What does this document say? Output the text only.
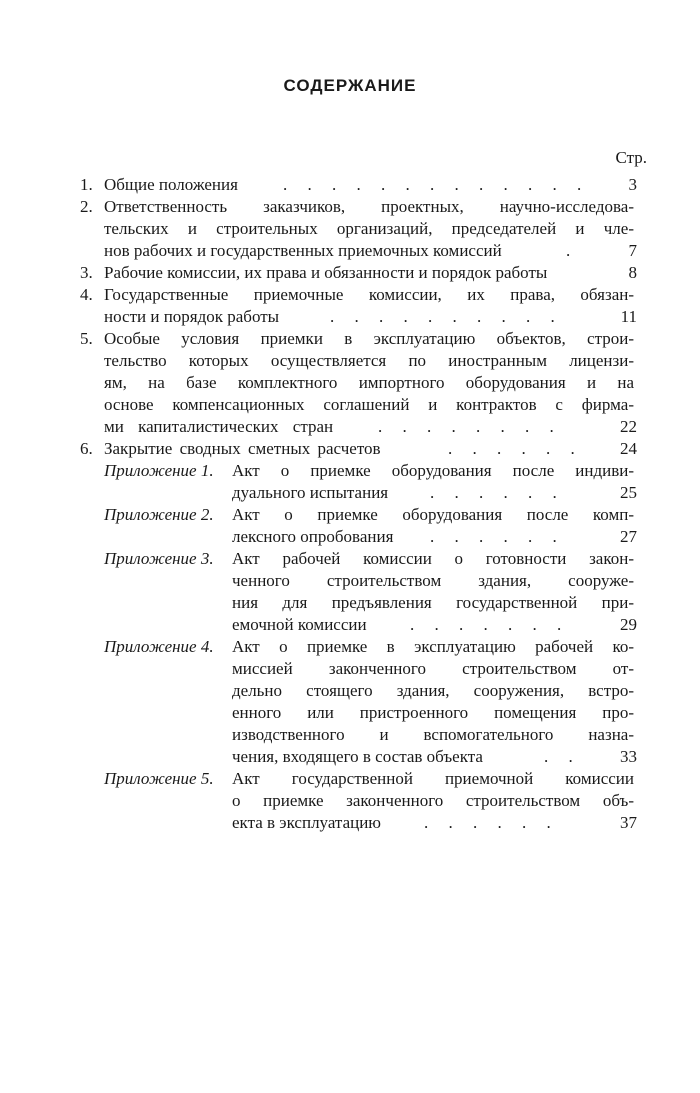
СОДЕРЖАНИЕ
Стр.
1. Общие положения	. . . . . . . . . . . . .	3
2. Ответственность заказчиков, проектных, научно-исследова-
тельских и строительных организаций, председателей и чле-
нов рабочих и государственных приемочных комиссий	.	7
3. Рабочие комиссии, их права и обязанности и порядок работы	8
4. Государственные приемочные комиссии, их права, обязан-
ности и порядок работы	. . . . . . . . . .	11
5. Особые условия приемки в эксплуатацию объектов, строи-
тельство которых осуществляется по иностранным лицензи-
ям, на базе комплектного импортного оборудования и на
основе компенсационных соглашений и контрактов с фирма-
ми капиталистических стран	. . . . . . . .	22
6. Закрытие сводных сметных расчетов	. . . . . .	24
Приложение 1. Акт о приемке оборудования после индиви-
дуального испытания . . . . . .	25
Приложение 2. Акт о приемке оборудования после комп-
лексного опробования . . . . . .	27
Приложение 3. Акт рабочей комиссии о готовности закон-
ченного строительством здания, сооруже-
ния для предъявления государственной при-
емочной комиссии	. . . . . . .	29
Приложение 4. Акт о приемке в эксплуатацию рабочей ко-
миссией законченного строительством от-
дельно стоящего здания, сооружения, встро-
енного или пристроенного помещения про-
изводственного и вспомогательного назна-
чения, входящего в состав объекта	. .	33
Приложение 5. Акт государственной приемочной комиссии
о приемке законченного строительством объ-
екта в эксплуатацию	. . . . . .	37
